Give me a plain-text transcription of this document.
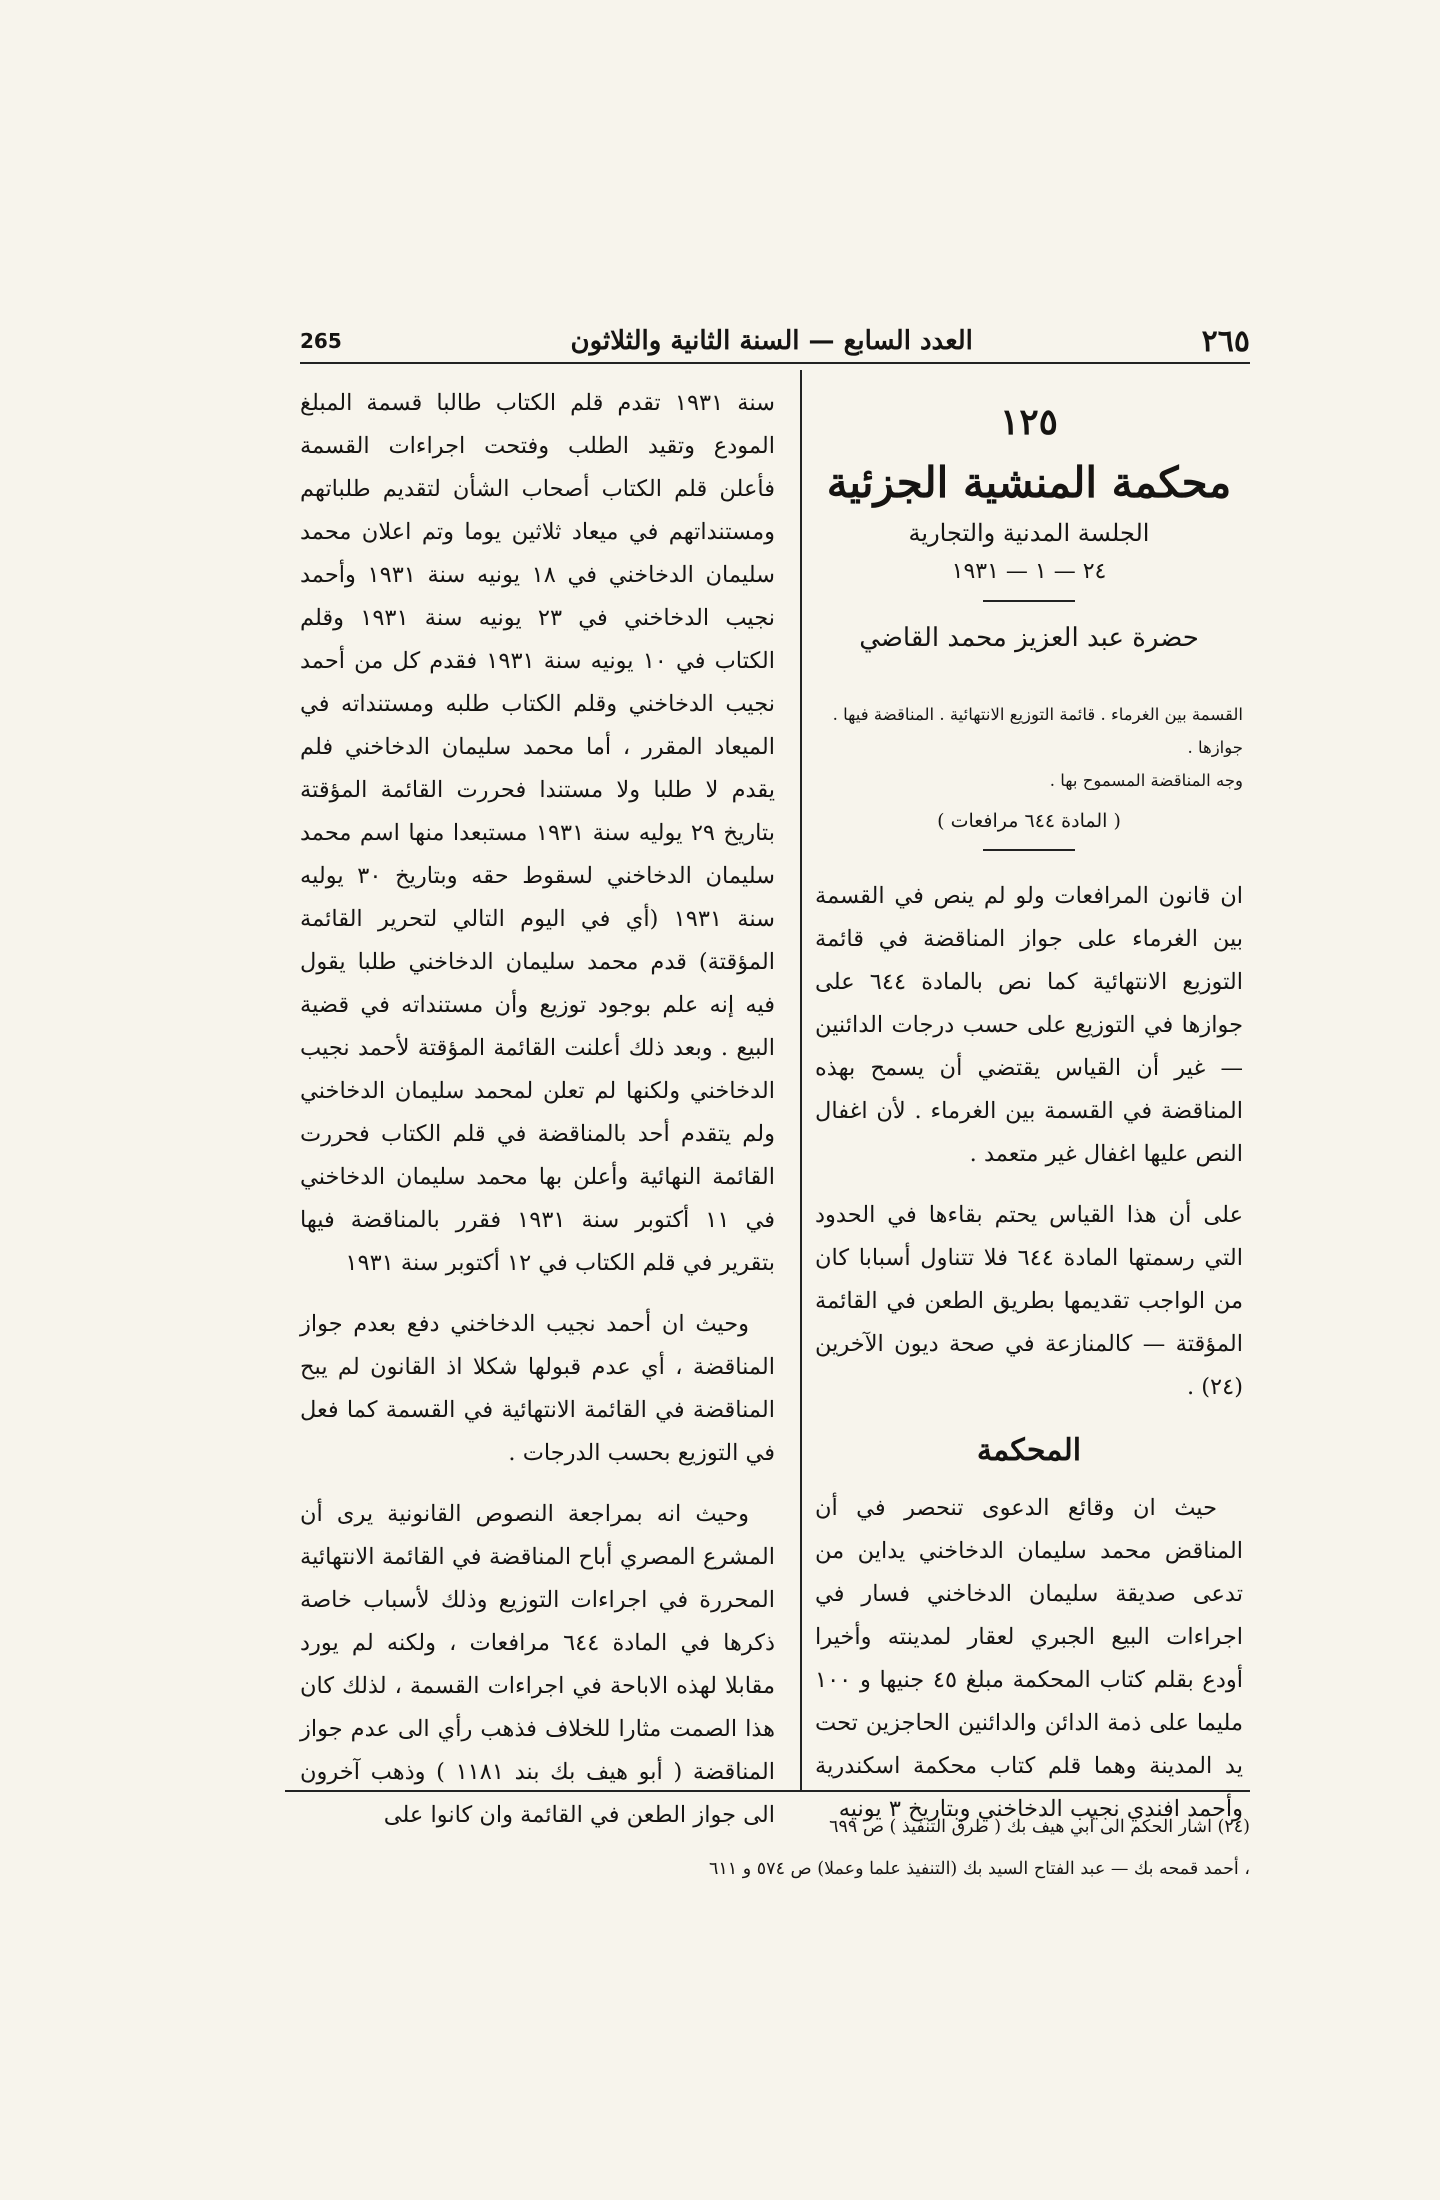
265	العدد السابع — السنة الثانية والثلاثون	٢٦٥
١٢٥
محكمة المنشية الجزئية
الجلسة المدنية والتجارية
٢٤ — ١ — ١٩٣١
حضرة عبد العزيز محمد القاضي
القسمة بين الغرماء . قائمة التوزيع الانتهائية . المناقضة فيها . جوازها .
وجه المناقضة المسموح بها .
( المادة ٦٤٤ مرافعات )

ان قانون المرافعات ولو لم ينص في القسمة بين الغرماء على جواز المناقضة في قائمة التوزيع الانتهائية كما نص بالمادة ٦٤٤ على جوازها في التوزيع على حسب درجات الدائنين — غير أن القياس يقتضي أن يسمح بهذه المناقضة في القسمة بين الغرماء . لأن اغفال النص عليها اغفال غير متعمد .

على أن هذا القياس يحتم بقاءها في الحدود التي رسمتها المادة ٦٤٤ فلا تتناول أسبابا كان من الواجب تقديمها بطريق الطعن في القائمة المؤقتة — كالمنازعة في صحة ديون الآخرين (٢٤) .

المحكمة

حيث ان وقائع الدعوى تنحصر في أن المناقض محمد سليمان الدخاخني يداين من تدعى صديقة سليمان الدخاخني فسار في اجراءات البيع الجبري لعقار لمدينته وأخيرا أودع بقلم كتاب المحكمة مبلغ ٤٥ جنيها و ١٠٠ مليما على ذمة الدائن والدائنين الحاجزين تحت يد المدينة وهما قلم كتاب محكمة اسكندرية وأحمد افندي نجيب الدخاخني وبتاريخ ٣ يونيه

سنة ١٩٣١ تقدم قلم الكتاب طالبا قسمة المبلغ المودع وتقيد الطلب وفتحت اجراءات القسمة فأعلن قلم الكتاب أصحاب الشأن لتقديم طلباتهم ومستنداتهم في ميعاد ثلاثين يوما وتم اعلان محمد سليمان الدخاخني في ١٨ يونيه سنة ١٩٣١ وأحمد نجيب الدخاخني في ٢٣ يونيه سنة ١٩٣١ وقلم الكتاب في ١٠ يونيه سنة ١٩٣١ فقدم كل من أحمد نجيب الدخاخني وقلم الكتاب طلبه ومستنداته في الميعاد المقرر ، أما محمد سليمان الدخاخني فلم يقدم لا طلبا ولا مستندا فحررت القائمة المؤقتة بتاريخ ٢٩ يوليه سنة ١٩٣١ مستبعدا منها اسم محمد سليمان الدخاخني لسقوط حقه وبتاريخ ٣٠ يوليه سنة ١٩٣١ (أي في اليوم التالي لتحرير القائمة المؤقتة) قدم محمد سليمان الدخاخني طلبا يقول فيه إنه علم بوجود توزيع وأن مستنداته في قضية البيع . وبعد ذلك أعلنت القائمة المؤقتة لأحمد نجيب الدخاخني ولكنها لم تعلن لمحمد سليمان الدخاخني ولم يتقدم أحد بالمناقضة في قلم الكتاب فحررت القائمة النهائية وأعلن بها محمد سليمان الدخاخني في ١١ أكتوبر سنة ١٩٣١ فقرر بالمناقضة فيها بتقرير في قلم الكتاب في ١٢ أكتوبر سنة ١٩٣١

وحيث ان أحمد نجيب الدخاخني دفع بعدم جواز المناقضة ، أي عدم قبولها شكلا اذ القانون لم يبح المناقضة في القائمة الانتهائية في القسمة كما فعل في التوزيع بحسب الدرجات .

وحيث انه بمراجعة النصوص القانونية يرى أن المشرع المصري أباح المناقضة في القائمة الانتهائية المحررة في اجراءات التوزيع وذلك لأسباب خاصة ذكرها في المادة ٦٤٤ مرافعات ، ولكنه لم يورد مقابلا لهذه الاباحة في اجراءات القسمة ، لذلك كان هذا الصمت مثارا للخلاف فذهب رأي الى عدم جواز المناقضة ( أبو هيف بك بند ١١٨١ ) وذهب آخرون الى جواز الطعن في القائمة وان كانوا على	(٢٤) اشار الحكم الى أبي هيف بك ( طرق التنفيذ ) ص ٦٩٩
، أحمد قمحه بك — عبد الفتاح السيد بك (التنفيذ علما وعملا) ص ٥٧٤ و ٦١١
